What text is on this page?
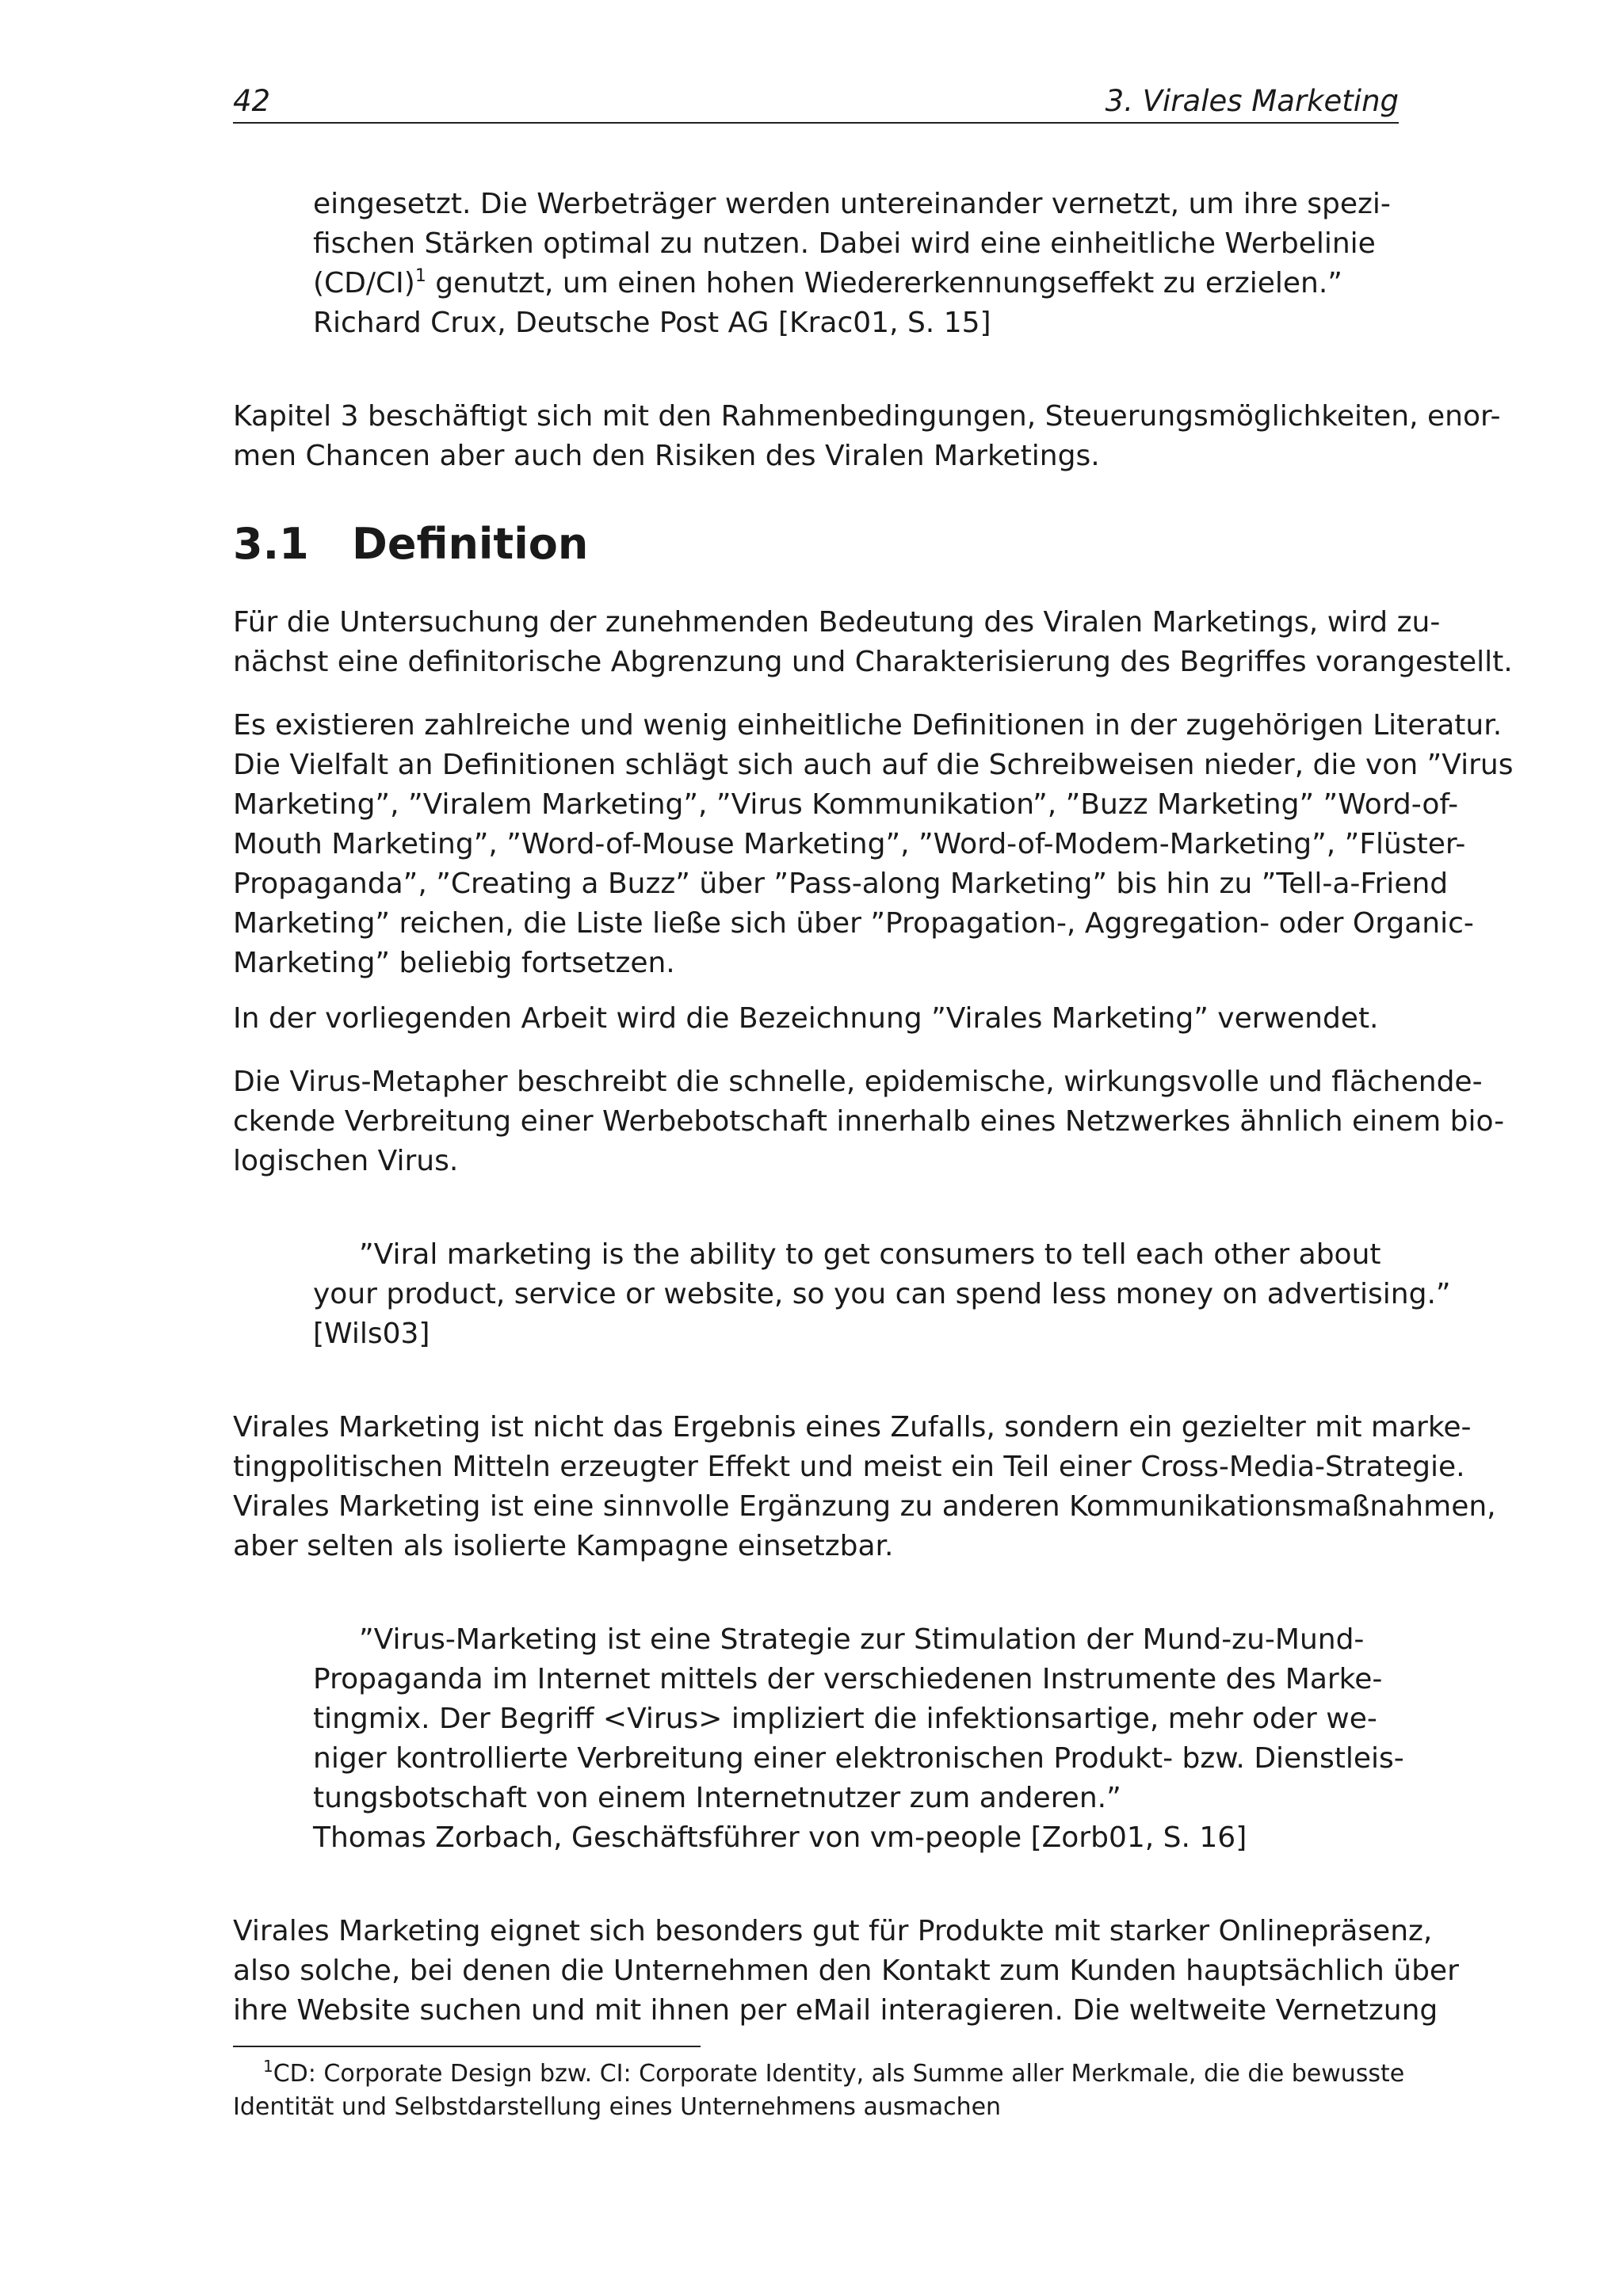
42	3. Virales Marketing
eingesetzt. Die Werbeträger werden untereinander vernetzt, um ihre spezi-
fischen Stärken optimal zu nutzen. Dabei wird eine einheitliche Werbelinie
$(CD/CI)^1$ genutzt, um einen hohen Wiedererkennungseffekt zu erzielen.”
Richard Crux, Deutsche Post AG [Krac01, S. 15]
Kapitel 3 beschäftigt sich mit den Rahmenbedingungen, Steuerungsmöglichkeiten, enor-
men Chancen aber auch den Risiken des Viralen Marketings.
3.1 Definition
Für die Untersuchung der zunehmenden Bedeutung des Viralen Marketings, wird zu-
nächst eine definitorische Abgrenzung und Charakterisierung des Begriffes vorangestellt.
Es existieren zahlreiche und wenig einheitliche Definitionen in der zugehörigen Literatur.
Die Vielfalt an Definitionen schlägt sich auch auf die Schreibweisen nieder, die von ”Virus
Marketing”, ”Viralem Marketing”, ”Virus Kommunikation”, ”Buzz Marketing” ”Word-of-
Mouth Marketing”, ”Word-of-Mouse Marketing”, ”Word-of-Modem-Marketing”, ”Flüster-
Propaganda”, ”Creating a Buzz” über ”Pass-along Marketing” bis hin zu ”Tell-a-Friend
Marketing” reichen, die Liste ließe sich über ”Propagation-, Aggregation- oder Organic-
Marketing” beliebig fortsetzen.
In der vorliegenden Arbeit wird die Bezeichnung ”Virales Marketing” verwendet.
Die Virus-Metapher beschreibt die schnelle, epidemische, wirkungsvolle und flächende-
ckende Verbreitung einer Werbebotschaft innerhalb eines Netzwerkes ähnlich einem bio-
logischen Virus.
”Viral marketing is the ability to get consumers to tell each other about
your product, service or website, so you can spend less money on advertising.”
[Wils03]
Virales Marketing ist nicht das Ergebnis eines Zufalls, sondern ein gezielter mit marke-
tingpolitischen Mitteln erzeugter Effekt und meist ein Teil einer Cross-Media-Strategie.
Virales Marketing ist eine sinnvolle Ergänzung zu anderen Kommunikationsmaßnahmen,
aber selten als isolierte Kampagne einsetzbar.
”Virus-Marketing ist eine Strategie zur Stimulation der Mund-zu-Mund-
Propaganda im Internet mittels der verschiedenen Instrumente des Marke-
tingmix. Der Begriff <Virus> impliziert die infektionsartige, mehr oder we-
niger kontrollierte Verbreitung einer elektronischen Produkt- bzw. Dienstleis-
tungsbotschaft von einem Internetnutzer zum anderen.”
Thomas Zorbach, Geschäftsführer von vm-people [Zorb01, S. 16]
Virales Marketing eignet sich besonders gut für Produkte mit starker Onlinepräsenz,
also solche, bei denen die Unternehmen den Kontakt zum Kunden hauptsächlich über
ihre Website suchen und mit ihnen per eMail interagieren. Die weltweite Vernetzung
$^1$CD: Corporate Design bzw. CI: Corporate Identity, als Summe aller Merkmale, die die bewusste
Identität und Selbstdarstellung eines Unternehmens ausmachen
